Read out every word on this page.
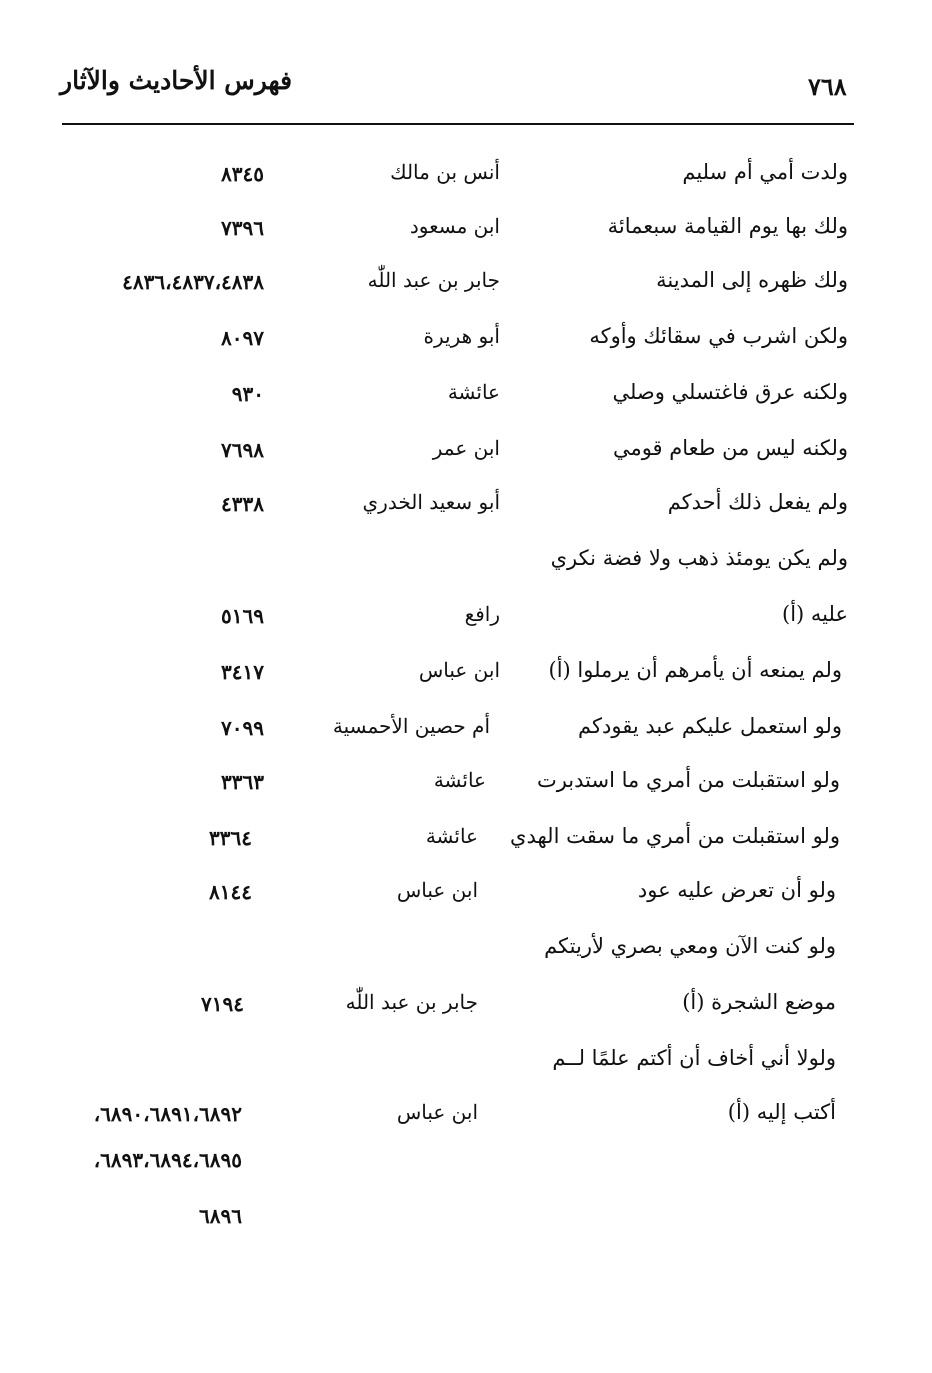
فهرس الأحاديث والآثار	٧٦٨
ولدت أمي أم سليم
أنس بن مالك
٨٣٤٥
ولك بها يوم القيامة سبعمائة
ابن مسعود
٧٣٩٦
ولك ظهره إلى المدينة
جابر بن عبد اللّٰه
٤٨٣٦،٤٨٣٧،٤٨٣٨
ولكن اشرب في سقائك وأوكه
أبو هريرة
٨٠٩٧
ولكنه عرق فاغتسلي وصلي
عائشة
٩٣٠
ولكنه ليس من طعام قومي
ابن عمر
٧٦٩٨
ولم يفعل ذلك أحدكم
أبو سعيد الخدري
٤٣٣٨
ولم يكن يومئذ ذهب ولا فضة نكري
عليه (أ)
رافع
٥١٦٩
ولم يمنعه أن يأمرهم أن يرملوا (أ)
ابن عباس
٣٤١٧
ولو استعمل عليكم عبد يقودكم
أم حصين الأحمسية
٧٠٩٩
ولو استقبلت من أمري ما استدبرت
عائشة
٣٣٦٣
ولو استقبلت من أمري ما سقت الهدي
عائشة
٣٣٦٤
ولو أن تعرض عليه عود
ابن عباس
٨١٤٤
ولو كنت الآن ومعي بصري لأريتكم
موضع الشجرة (أ)
جابر بن عبد اللّٰه
٧١٩٤
ولولا أني أخاف أن أكتم علمًا لــم
أكتب إليه (أ)
ابن عباس
٦٨٩٠،٦٨٩١،٦٨٩٢،
٦٨٩٣،٦٨٩٤،٦٨٩٥،
٦٨٩٦
